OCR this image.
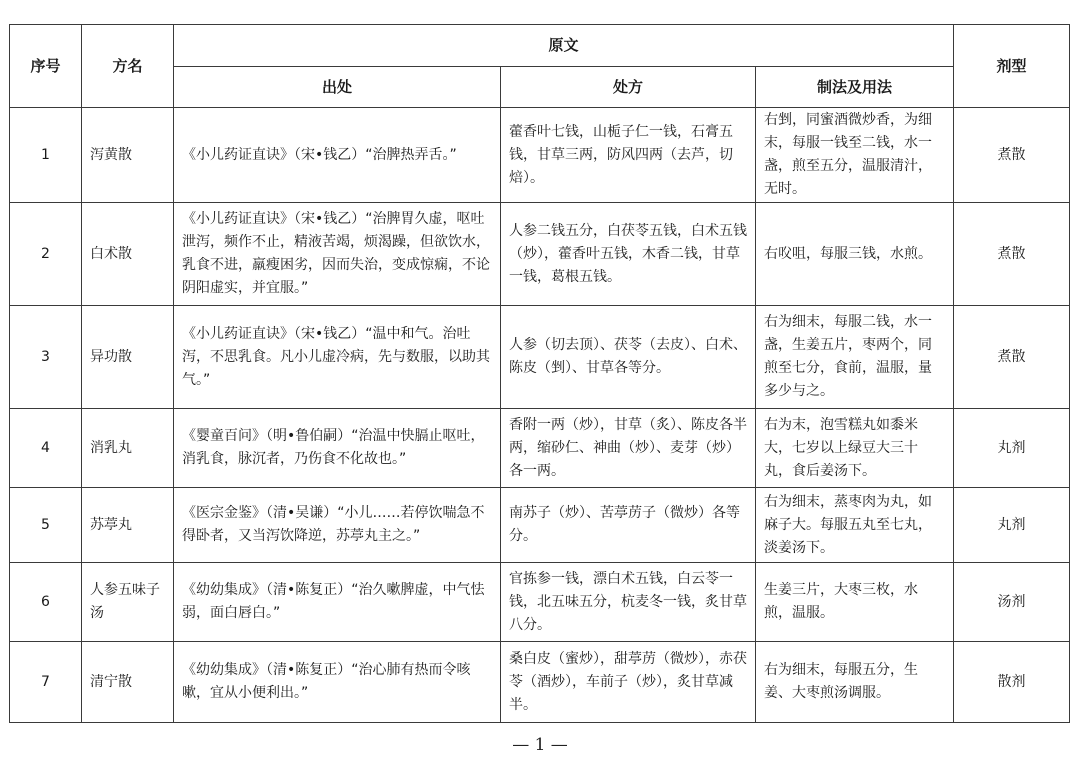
序号	方名	原文			剂型
		出处	处方	制法及用法	
1	泻黄散	《小儿药证直诀》（宋•钱乙）“治脾热弄舌。”	藿香叶七钱，山栀子仁一钱，石膏五钱，甘草三两，防风四两（去芦，切焙）。	右剉，同蜜酒微炒香，为细末，每服一钱至二钱，水一盏，煎至五分，温服清汁，无时。	煮散
2	白术散	《小儿药证直诀》（宋•钱乙）“治脾胃久虚，呕吐泄泻，频作不止，精液苦竭，烦渴躁，但欲饮水，乳食不进，羸瘦困劣，因而失治，变成惊痫，不论阴阳虚实，并宜服。”	人参二钱五分，白茯苓五钱，白术五钱（炒），藿香叶五钱，木香二钱，甘草一钱，葛根五钱。	右㕮咀，每服三钱，水煎。	煮散
3	异功散	《小儿药证直诀》（宋•钱乙）“温中和气。治吐泻，不思乳食。凡小儿虚冷病，先与数服，以助其气。”	人参（切去顶）、茯苓（去皮）、白术、陈皮（剉）、甘草各等分。	右为细末，每服二钱，水一盏，生姜五片，枣两个，同煎至七分，食前，温服，量多少与之。	煮散
4	消乳丸	《婴童百问》（明•鲁伯嗣）“治温中快膈止呕吐，消乳食，脉沉者，乃伤食不化故也。”	香附一两（炒），甘草（炙）、陈皮各半两，缩砂仁、神曲（炒）、麦芽（炒）各一两。	右为末，泡雪糕丸如黍米大，七岁以上绿豆大三十丸，食后姜汤下。	丸剂
5	苏葶丸	《医宗金鉴》（清•吴谦）“小儿……若停饮喘急不得卧者，又当泻饮降逆，苏葶丸主之。”	南苏子（炒）、苦葶苈子（微炒）各等分。	右为细末，蒸枣肉为丸，如麻子大。每服五丸至七丸，淡姜汤下。	丸剂
6	人参五味子汤	《幼幼集成》（清•陈复正）“治久嗽脾虚，中气怯弱，面白唇白。”	官拣参一钱，漂白术五钱，白云苓一钱，北五味五分，杭麦冬一钱，炙甘草八分。	生姜三片，大枣三枚，水煎，温服。	汤剂
7	清宁散	《幼幼集成》（清•陈复正）“治心肺有热而令咳嗽，宜从小便利出。”	桑白皮（蜜炒），甜葶苈（微炒），赤茯苓（酒炒），车前子（炒），炙甘草减半。	右为细末，每服五分，生姜、大枣煎汤调服。	散剂
— 1 —
